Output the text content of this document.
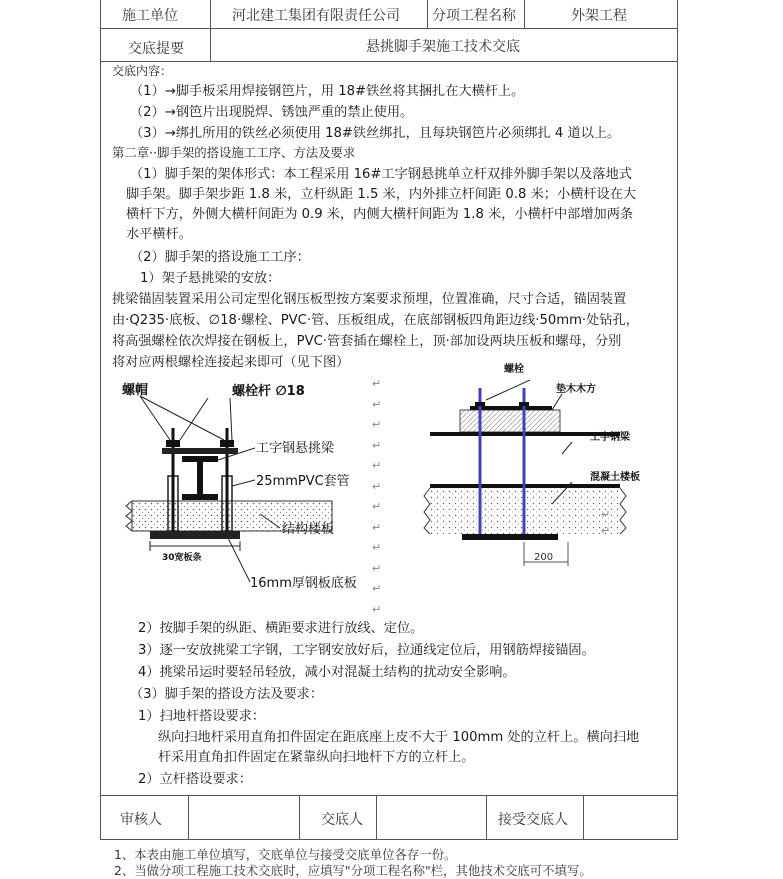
施工单位	河北建工集团有限责任公司 分项工程名称	外架工程
交底提要	悬挑脚手架施工技术交底
交底内容：
（1）→脚手板采用焊接钢笆片，用 18#铁丝将其捆扎在大横杆上。
（2）→钢笆片出现脱焊、锈蚀严重的禁止使用。
（3）→绑扎所用的铁丝必须使用 18#铁丝绑扎，且每块钢笆片必须绑扎 4 道以上。
第二章··脚手架的搭设施工工序、方法及要求
（1）脚手架的架体形式：本工程采用 16#工字钢悬挑单立杆双排外脚手架以及落地式
脚手架。脚手架步距 1.8 米，立杆纵距 1.5 米，内外排立杆间距 0.8 米；小横杆设在大
横杆下方，外侧大横杆间距为 0.9 米，内侧大横杆间距为 1.8 米，小横杆中部增加两条
水平横杆。
（2）脚手架的搭设施工工序：
1）架子悬挑梁的安放：
挑梁锚固装置采用公司定型化钢压板型按方案要求预埋，位置准确，尺寸合适，锚固装置
由·Q235·底板、∅18·螺栓、PVC·管、压板组成，在底部钢板四角距边线·50mm·处钻孔，
将高强螺栓依次焊接在钢板上，PVC·管套插在螺栓上，顶·部加设两块压板和螺母，分别
将对应两根螺栓连接起来即可（见下图）
螺帽	螺栓杆 ∅18
工字钢悬挑梁
25mmPVC套管
结构楼板
30宽板条
16mm厚钢板底板
螺栓
垫木木方
工字钢梁
混凝土楼板
200
↵
↵
↵
↵
↵
↵
↵
↵
↵
↵
↵
↵
↵
↵
2）按脚手架的纵距、横距要求进行放线、定位。
3）逐一安放挑梁工字钢，工字钢安放好后，拉通线定位后，用钢筋焊接锚固。
4）挑梁吊运时要轻吊轻放，减小对混凝土结构的扰动安全影响。
（3）脚手架的搭设方法及要求：
1）扫地杆搭设要求：
纵向扫地杆采用直角扣件固定在距底座上皮不大于 100mm 处的立杆上。横向扫地
杆采用直角扣件固定在紧靠纵向扫地杆下方的立杆上。
2）立杆搭设要求：
审核人	交底人	接受交底人
1、本表由施工单位填写，交底单位与接受交底单位各存一份。
2、当做分项工程施工技术交底时，应填写"分项工程名称"栏，其他技术交底可不填写。
